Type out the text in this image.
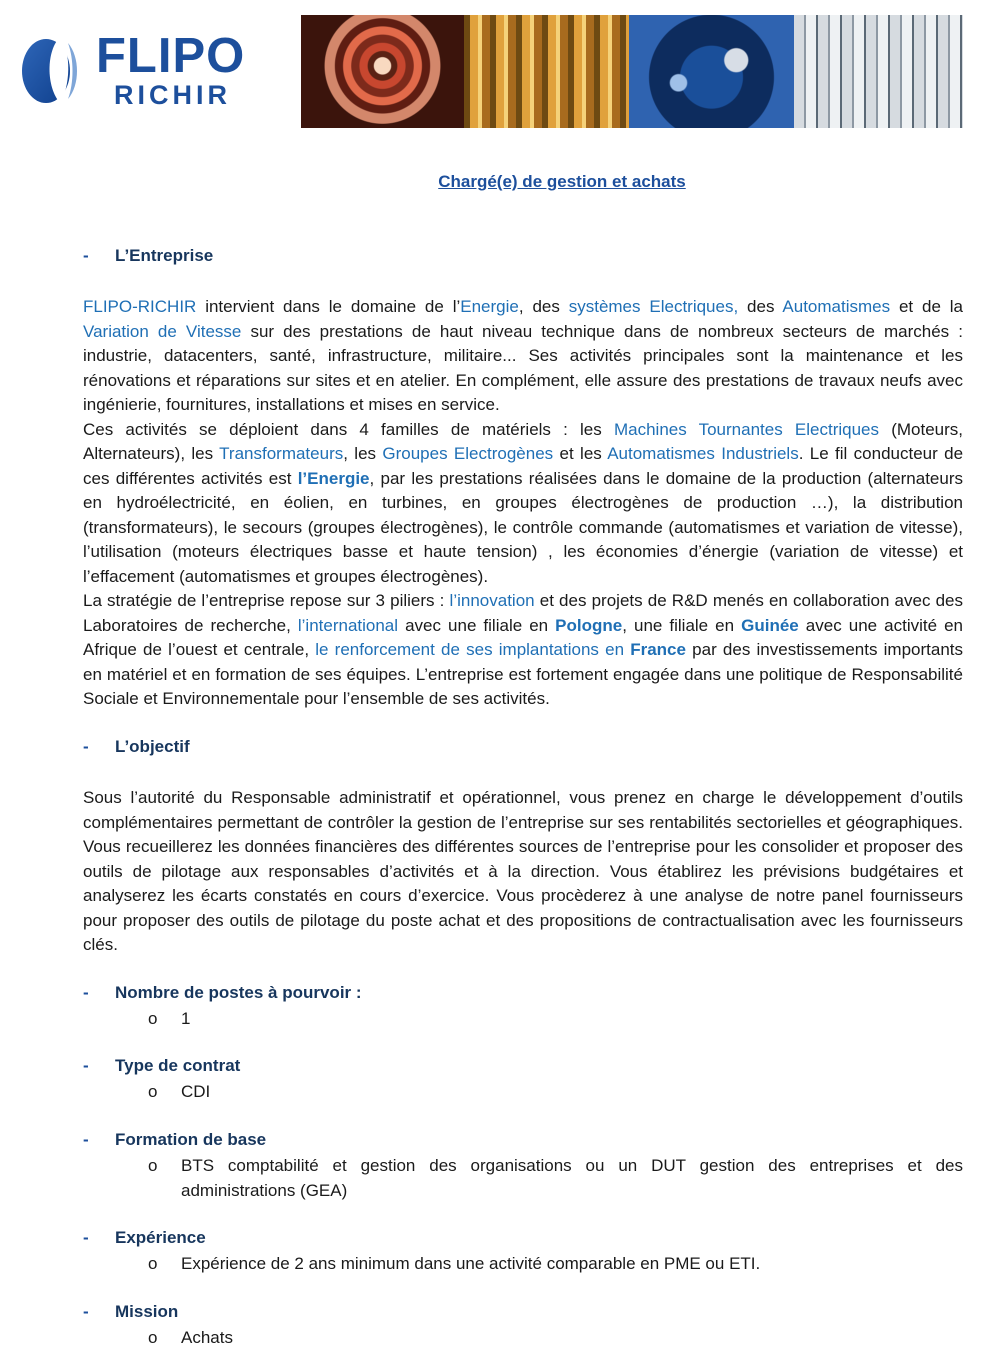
FLIPO
RICHIR
Chargé(e) de gestion et achats
- L’Entreprise
FLIPO-RICHIR intervient dans le domaine de l’Energie, des systèmes Electriques, des Automatismes et de la Variation de Vitesse sur des prestations de haut niveau technique dans de nombreux secteurs de marchés : industrie, datacenters, santé, infrastructure, militaire... Ses activités principales sont la maintenance et les rénovations et réparations sur sites et en atelier. En complément, elle assure des prestations de travaux neufs avec ingénierie, fournitures, installations et mises en service.
Ces activités se déploient dans 4 familles de matériels : les Machines Tournantes Electriques (Moteurs, Alternateurs), les Transformateurs, les Groupes Electrogènes et les Automatismes Industriels. Le fil conducteur de ces différentes activités est l’Energie, par les prestations réalisées dans le domaine de la production (alternateurs en hydroélectricité, en éolien, en turbines, en groupes électrogènes de production …), la distribution (transformateurs), le secours (groupes électrogènes), le contrôle commande (automatismes et variation de vitesse), l’utilisation (moteurs électriques basse et haute tension) , les économies d’énergie (variation de vitesse) et l’effacement (automatismes et groupes électrogènes).
La stratégie de l’entreprise repose sur 3 piliers : l’innovation et des projets de R&D menés en collaboration avec des Laboratoires de recherche, l’international avec une filiale en Pologne, une filiale en Guinée avec une activité en Afrique de l’ouest et centrale, le renforcement de ses implantations en France par des investissements importants en matériel et en formation de ses équipes. L’entreprise est fortement engagée dans une politique de Responsabilité Sociale et Environnementale pour l’ensemble de ses activités.
- L’objectif
Sous l’autorité du Responsable administratif et opérationnel, vous prenez en charge le développement d’outils complémentaires permettant de contrôler la gestion de l’entreprise sur ses rentabilités sectorielles et géographiques. Vous recueillerez les données financières des différentes sources de l’entreprise pour les consolider et proposer des outils de pilotage aux responsables d’activités et à la direction. Vous établirez les prévisions budgétaires et analyserez les écarts constatés en cours d’exercice. Vous procèderez à une analyse de notre panel fournisseurs pour proposer des outils de pilotage du poste achat et des propositions de contractualisation avec les fournisseurs clés.
- Nombre de postes à pourvoir :
o 1
- Type de contrat
o CDI
- Formation de base
o BTS comptabilité et gestion des organisations ou un DUT gestion des entreprises et des administrations (GEA)
- Expérience
o Expérience de 2 ans minimum dans une activité comparable en PME ou ETI.
- Mission
o Achats
